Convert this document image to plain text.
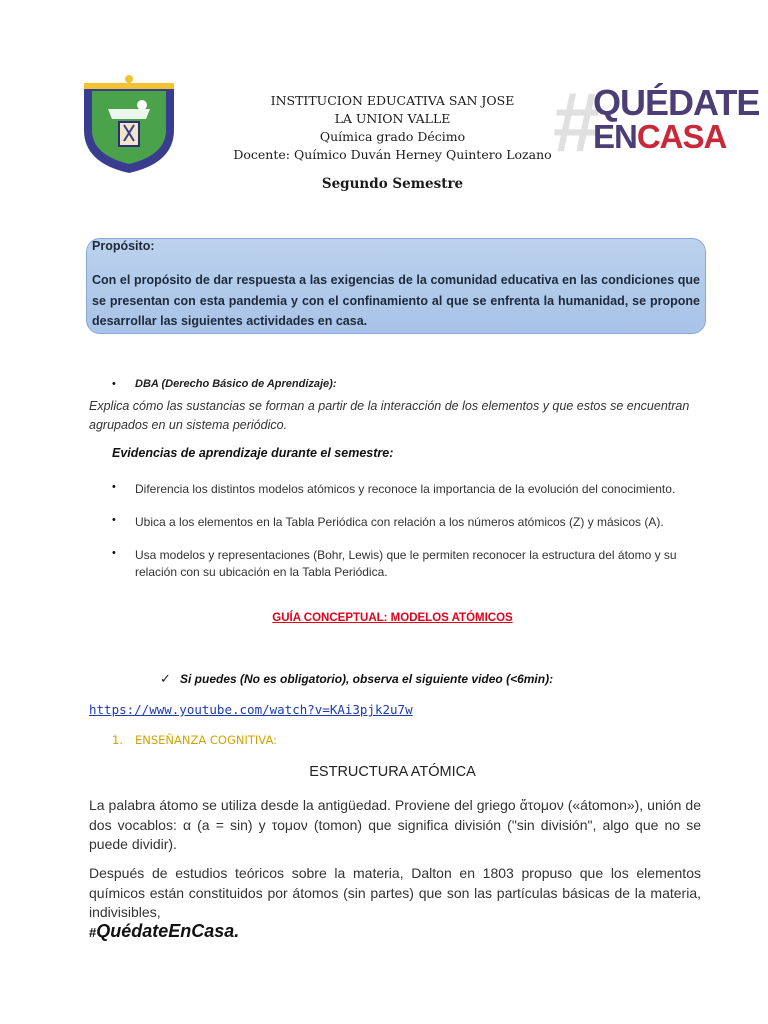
INSTITUCION EDUCATIVA SAN JOSE
LA UNION VALLE
Química grado Décimo
Docente: Químico Duván Herney Quintero Lozano
Segundo Semestre
#
QUÉDATE
ENCASA
Propósito:
Con el propósito de dar respuesta a las exigencias de la comunidad educativa en las condiciones que se presentan con esta pandemia y con el confinamiento al que se enfrenta la humanidad, se propone desarrollar las siguientes actividades en casa.
• DBA (Derecho Básico de Aprendizaje):
Explica cómo las sustancias se forman a partir de la interacción de los elementos y que estos se encuentran agrupados en un sistema periódico.
Evidencias de aprendizaje durante el semestre:
• Diferencia los distintos modelos atómicos y reconoce la importancia de la evolución del conocimiento.
• Ubica a los elementos en la Tabla Periódica con relación a los números atómicos (Z) y másicos (A).
• Usa modelos y representaciones (Bohr, Lewis) que le permiten reconocer la estructura del átomo y su relación con su ubicación en la Tabla Periódica.
GUÍA CONCEPTUAL: MODELOS ATÓMICOS
✓ Si puedes (No es obligatorio), observa el siguiente video (<6min):
https://www.youtube.com/watch?v=KAi3pjk2u7w
1. ENSEÑANZA COGNITIVA:
ESTRUCTURA ATÓMICA
La palabra átomo se utiliza desde la antigüedad. Proviene del griego ἄτομον («átomon»), unión de dos vocablos: α (a = sin) y τομον (tomon) que significa división ("sin división", algo que no se puede dividir).
Después de estudios teóricos sobre la materia, Dalton en 1803 propuso que los elementos químicos están constituidos por átomos (sin partes) que son las partículas básicas de la materia, indivisibles,
#QuédateEnCasa.
